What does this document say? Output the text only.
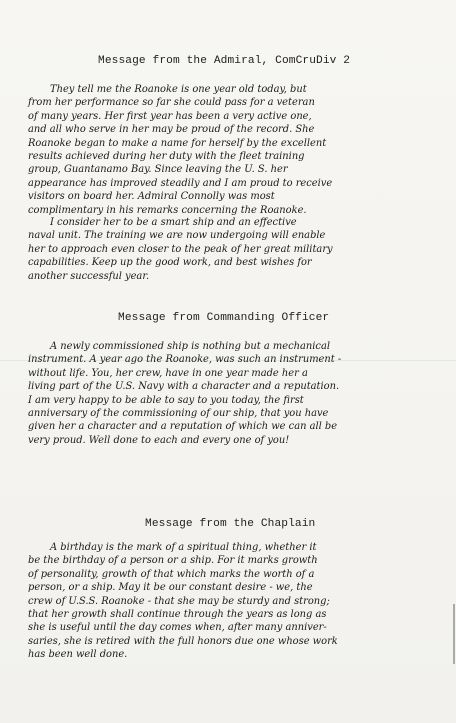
Message from the Admiral, ComCruDiv 2
They tell me the Roanoke is one year old today, but
from her performance so far she could pass for a veteran
of many years. Her first year has been a very active one,
and all who serve in her may be proud of the record. She
Roanoke began to make a name for herself by the excellent
results achieved during her duty with the fleet training
group, Guantanamo Bay. Since leaving the U. S. her
appearance has improved steadily and I am proud to receive
visitors on board her. Admiral Connolly was most
complimentary in his remarks concerning the Roanoke.
I consider her to be a smart ship and an effective
naval unit. The training we are now undergoing will enable
her to approach even closer to the peak of her great military
capabilities. Keep up the good work, and best wishes for
another successful year.
Message from Commanding Officer
A newly commissioned ship is nothing but a mechanical
instrument. A year ago the Roanoke, was such an instrument -
without life. You, her crew, have in one year made her a
living part of the U.S. Navy with a character and a reputation.
I am very happy to be able to say to you today, the first
anniversary of the commissioning of our ship, that you have
given her a character and a reputation of which we can all be
very proud. Well done to each and every one of you!
Message from the Chaplain
A birthday is the mark of a spiritual thing, whether it
be the birthday of a person or a ship. For it marks growth
of personality, growth of that which marks the worth of a
person, or a ship. May it be our constant desire - we, the
crew of U.S.S. Roanoke - that she may be sturdy and strong;
that her growth shall continue through the years as long as
she is useful until the day comes when, after many anniver-
saries, she is retired with the full honors due one whose work
has been well done.
